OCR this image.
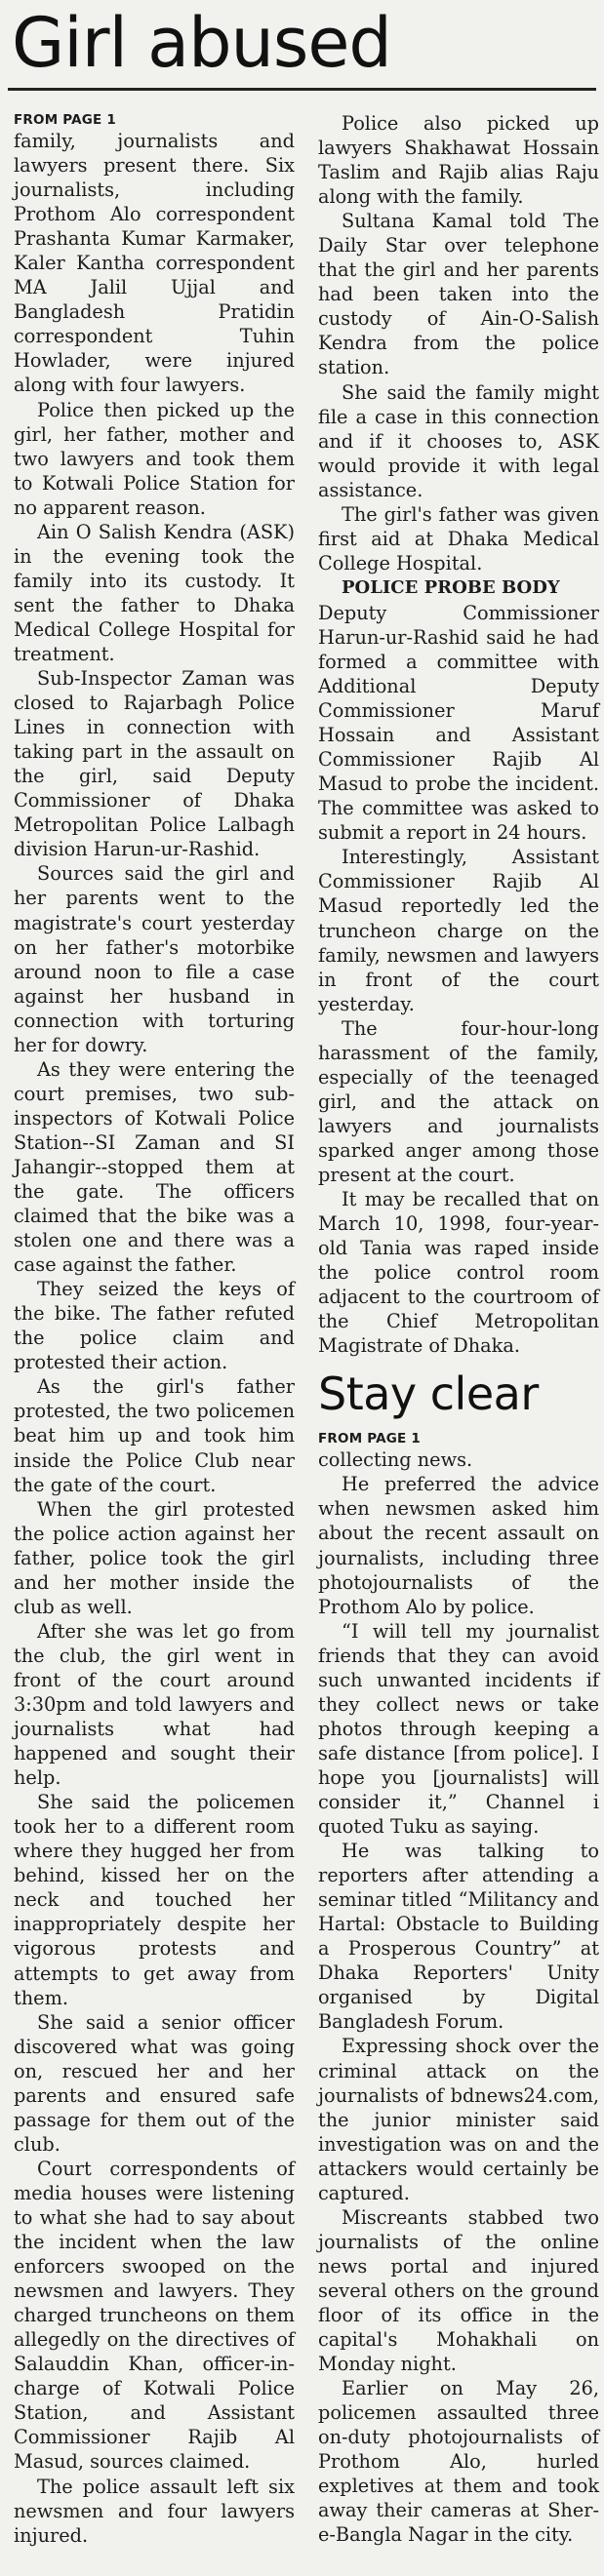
Girl abused
FROM PAGE 1

family, journalists and lawyers present there. Six journalists, including Prothom Alo correspondent Prashanta Kumar Karmaker, Kaler Kantha correspondent MA Jalil Ujjal and Bangladesh Pratidin correspondent Tuhin Howlader, were injured along with four lawyers.

Police then picked up the girl, her father, mother and two lawyers and took them to Kotwali Police Station for no apparent reason.

Ain O Salish Kendra (ASK) in the evening took the family into its custody. It sent the father to Dhaka Medical College Hospital for treatment.

Sub-Inspector Zaman was closed to Rajarbagh Police Lines in connection with taking part in the assault on the girl, said Deputy Commissioner of Dhaka Metropolitan Police Lalbagh division Harun-ur-Rashid.

Sources said the girl and her parents went to the magistrate's court yesterday on her father's motorbike around noon to file a case against her husband in connection with torturing her for dowry.

As they were entering the court premises, two sub-inspectors of Kotwali Police Station--SI Zaman and SI Jahangir--stopped them at the gate. The officers claimed that the bike was a stolen one and there was a case against the father.

They seized the keys of the bike. The father refuted the police claim and protested their action.

As the girl's father protested, the two policemen beat him up and took him inside the Police Club near the gate of the court.

When the girl protested the police action against her father, police took the girl and her mother inside the club as well.

After she was let go from the club, the girl went in front of the court around 3:30pm and told lawyers and journalists what had happened and sought their help.

She said the policemen took her to a different room where they hugged her from behind, kissed her on the neck and touched her inappropriately despite her vigorous protests and attempts to get away from them.

She said a senior officer discovered what was going on, rescued her and her parents and ensured safe passage for them out of the club.

Court correspondents of media houses were listening to what she had to say about the incident when the law enforcers swooped on the newsmen and lawyers. They charged truncheons on them allegedly on the directives of Salauddin Khan, officer-in-charge of Kotwali Police Station, and Assistant Commissioner Rajib Al Masud, sources claimed.

The police assault left six newsmen and four lawyers injured.

Police also picked up lawyers Shakhawat Hossain Taslim and Rajib alias Raju along with the family.

Sultana Kamal told The Daily Star over telephone that the girl and her parents had been taken into the custody of Ain-O-Salish Kendra from the police station.

She said the family might file a case in this connection and if it chooses to, ASK would provide it with legal assistance.

The girl's father was given first aid at Dhaka Medical College Hospital.

POLICE PROBE BODY

Deputy Commissioner Harun-ur-Rashid said he had formed a committee with Additional Deputy Commissioner Maruf Hossain and Assistant Commissioner Rajib Al Masud to probe the incident. The committee was asked to submit a report in 24 hours.

Interestingly, Assistant Commissioner Rajib Al Masud reportedly led the truncheon charge on the family, newsmen and lawyers in front of the court yesterday.

The four-hour-long harassment of the family, especially of the teenaged girl, and the attack on lawyers and journalists sparked anger among those present at the court.

It may be recalled that on March 10, 1998, four-year-old Tania was raped inside the police control room adjacent to the courtroom of the Chief Metropolitan Magistrate of Dhaka.

Stay clear
FROM PAGE 1

collecting news.

He preferred the advice when newsmen asked him about the recent assault on journalists, including three photojournalists of the Prothom Alo by police.

“I will tell my journalist friends that they can avoid such unwanted incidents if they collect news or take photos through keeping a safe distance [from police]. I hope you [journalists] will consider it,” Channel i quoted Tuku as saying.

He was talking to reporters after attending a seminar titled “Militancy and Hartal: Obstacle to Building a Prosperous Country” at Dhaka Reporters' Unity organised by Digital Bangladesh Forum.

Expressing shock over the criminal attack on the journalists of bdnews24.com, the junior minister said investigation was on and the attackers would certainly be captured.

Miscreants stabbed two journalists of the online news portal and injured several others on the ground floor of its office in the capital's Mohakhali on Monday night.

Earlier on May 26, policemen assaulted three on-duty photojournalists of Prothom Alo, hurled expletives at them and took away their cameras at Sher-e-Bangla Nagar in the city.
